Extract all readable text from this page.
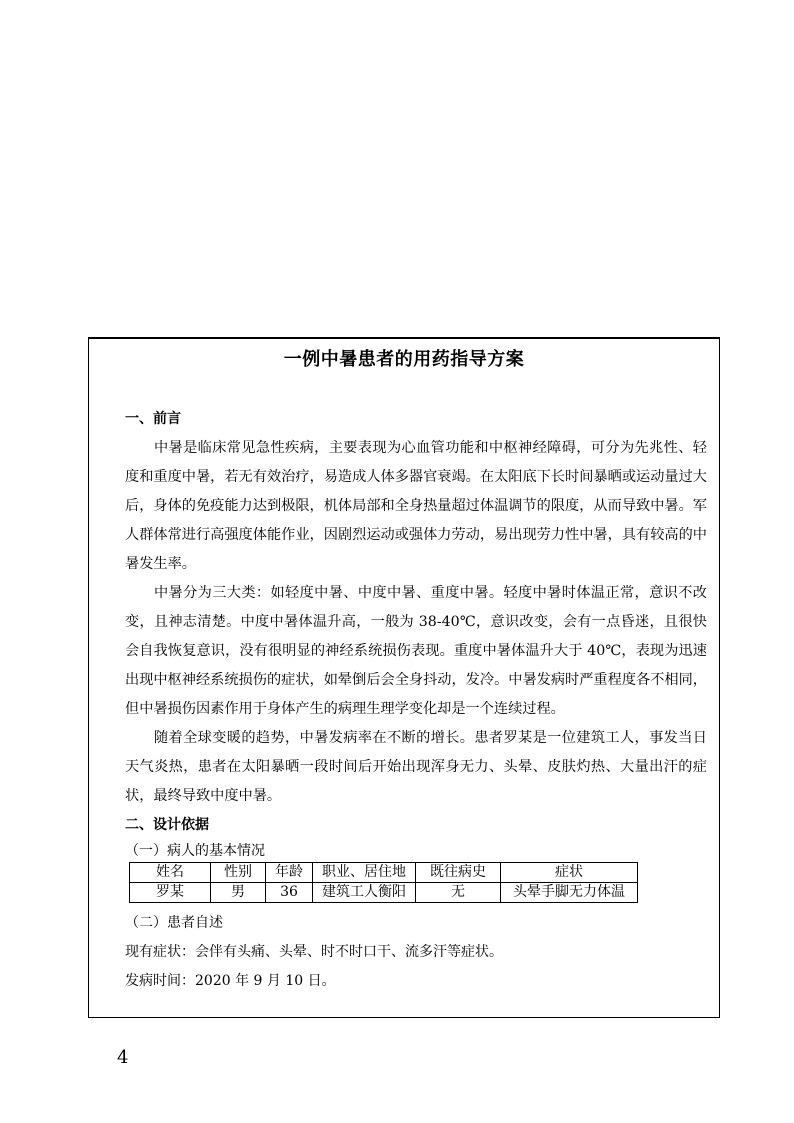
一例中暑患者的用药指导方案

一、前言

中暑是临床常见急性疾病，主要表现为心血管功能和中枢神经障碍，可分为先兆性、轻度和重度中暑，若无有效治疗，易造成人体多器官衰竭。在太阳底下长时间暴晒或运动量过大后，身体的免疫能力达到极限，机体局部和全身热量超过体温调节的限度，从而导致中暑。军人群体常进行高强度体能作业，因剧烈运动或强体力劳动，易出现劳力性中暑，具有较高的中暑发生率。

中暑分为三大类：如轻度中暑、中度中暑、重度中暑。轻度中暑时体温正常，意识不改变，且神志清楚。中度中暑体温升高，一般为 38-40℃，意识改变，会有一点昏迷，且很快会自我恢复意识，没有很明显的神经系统损伤表现。重度中暑体温升大于 40℃，表现为迅速出现中枢神经系统损伤的症状，如晕倒后会全身抖动，发冷。中暑发病时严重程度各不相同，但中暑损伤因素作用于身体产生的病理生理学变化却是一个连续过程。

随着全球变暖的趋势，中暑发病率在不断的增长。患者罗某是一位建筑工人，事发当日天气炎热，患者在太阳暴晒一段时间后开始出现浑身无力、头晕、皮肤灼热、大量出汗的症状，最终导致中度中暑。

二、设计依据

（一）病人的基本情况

姓名	性别	年龄	职业、居住地	既往病史	症状
罗某	男	36	建筑工人衡阳	无	头晕手脚无力体温

（二）患者自述

现有症状：会伴有头痛、头晕、时不时口干、流多汗等症状。

发病时间：2020 年 9 月 10 日。

4
